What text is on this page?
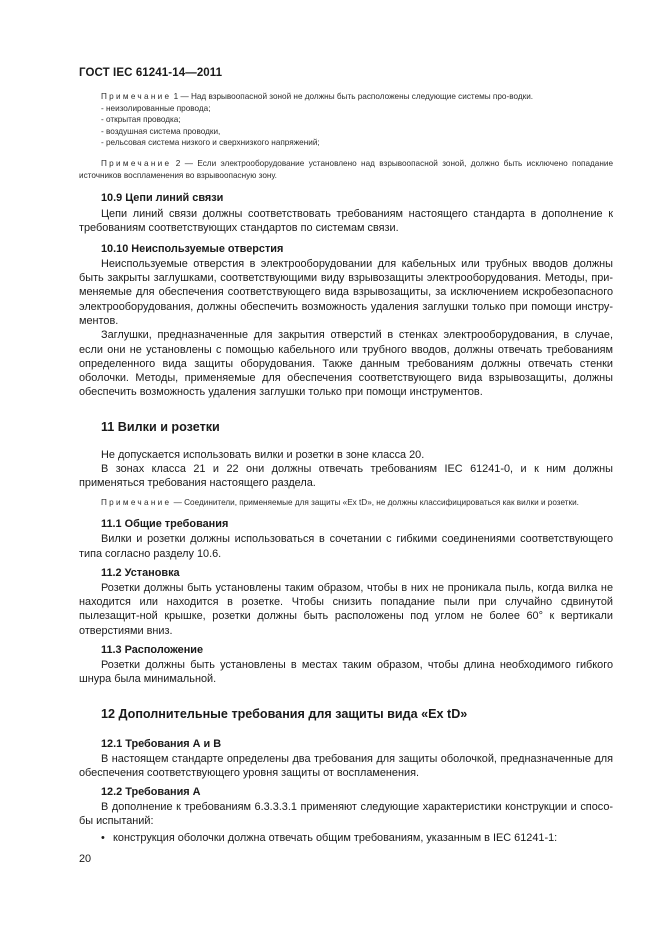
ГОСТ IEC 61241-14—2011

Примечание 1 — Над взрывоопасной зоной не должны быть расположены следующие системы про-водки.

- неизолированные провода;
- открытая проводка;
- воздушная система проводки,
- рельсовая система низкого и сверхнизкого напряжений;

Примечание 2 — Если электрооборудование установлено над взрывоопасной зоной, должно быть исключено попадание источников воспламенения во взрывоопасную зону.

10.9 Цепи линий связи

Цепи линий связи должны соответствовать требованиям настоящего стандарта в дополнение к требованиям соответствующих стандартов по системам связи.

10.10 Неиспользуемые отверстия

Неиспользуемые отверстия в электрооборудовании для кабельных или трубных вводов должны быть закрыты заглушками, соответствующими виду взрывозащиты электрооборудования. Методы, при-меняемые для обеспечения соответствующего вида взрывозащиты, за исключением искробезопасного электрооборудования, должны обеспечить возможность удаления заглушки только при помощи инстру-ментов.

Заглушки, предназначенные для закрытия отверстий в стенках электрооборудования, в случае, если они не установлены с помощью кабельного или трубного вводов, должны отвечать требованиям определенного вида защиты оборудования. Также данным требованиям должны отвечать стенки оболочки. Методы, применяемые для обеспечения соответствующего вида взрывозащиты, должны обеспечить возможность удаления заглушки только при помощи инструментов.

11 Вилки и розетки

Не допускается использовать вилки и розетки в зоне класса 20.

В зонах класса 21 и 22 они должны отвечать требованиям IEC 61241-0, и к ним должны применяться требования настоящего раздела.

Примечание — Соединители, применяемые для защиты «Ex tD», не должны классифицироваться как вилки и розетки.

11.1 Общие требования

Вилки и розетки должны использоваться в сочетании с гибкими соединениями соответствующего типа согласно разделу 10.6.

11.2 Установка

Розетки должны быть установлены таким образом, чтобы в них не проникала пыль, когда вилка не находится или находится в розетке. Чтобы снизить попадание пыли при случайно сдвинутой пылезащит-ной крышке, розетки должны быть расположены под углом не более 60° к вертикали отверстиями вниз.

11.3 Расположение

Розетки должны быть установлены в местах таким образом, чтобы длина необходимого гибкого шнура была минимальной.

12 Дополнительные требования для защиты вида «Ex tD»
12.1 Требования А и В

В настоящем стандарте определены два требования для защиты оболочкой, предназначенные для обеспечения соответствующего уровня защиты от воспламенения.

12.2 Требования А

В дополнение к требованиям 6.3.3.3.1 применяют следующие характеристики конструкции и спосо-бы испытаний:

• конструкция оболочки должна отвечать общим требованиям, указанным в IEC 61241-1:
20
